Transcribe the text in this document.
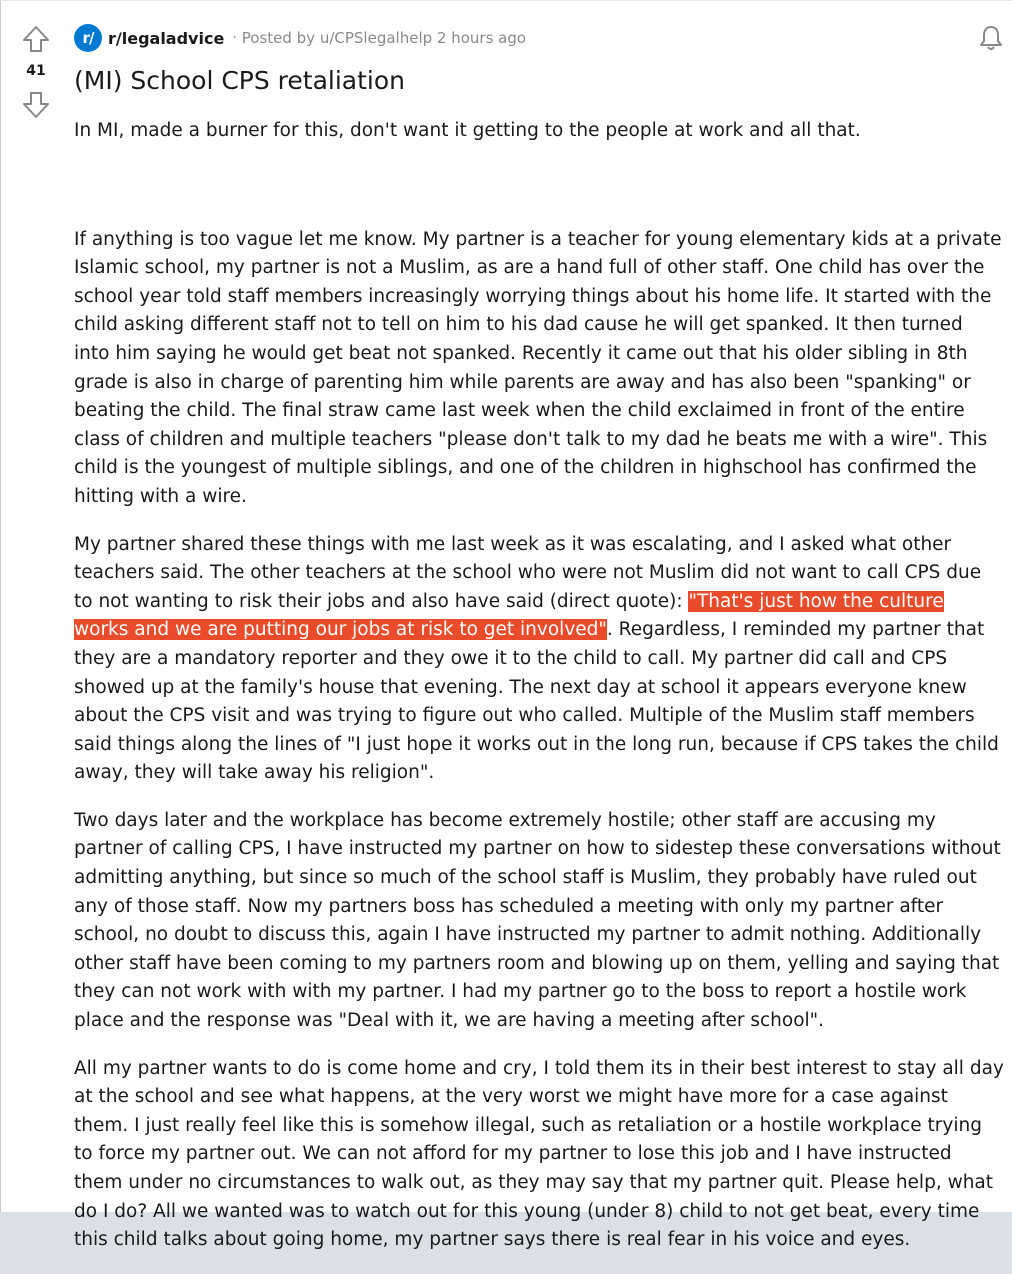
41
r/ r/legaladvice · Posted by u/CPSlegalhelp 2 hours ago
(MI) School CPS retaliation

In MI, made a burner for this, don't want it getting to the people at work and all that.

If anything is too vague let me know. My partner is a teacher for young elementary kids at a private Islamic school, my partner is not a Muslim, as are a hand full of other staff. One child has over the school year told staff members increasingly worrying things about his home life. It started with the child asking different staff not to tell on him to his dad cause he will get spanked. It then turned into him saying he would get beat not spanked. Recently it came out that his older sibling in 8th grade is also in charge of parenting him while parents are away and has also been "spanking" or beating the child. The final straw came last week when the child exclaimed in front of the entire class of children and multiple teachers "please don't talk to my dad he beats me with a wire". This child is the youngest of multiple siblings, and one of the children in highschool has confirmed the hitting with a wire.

My partner shared these things with me last week as it was escalating, and I asked what other teachers said. The other teachers at the school who were not Muslim did not want to call CPS due to not wanting to risk their jobs and also have said (direct quote): "That's just how the culture works and we are putting our jobs at risk to get involved". Regardless, I reminded my partner that they are a mandatory reporter and they owe it to the child to call. My partner did call and CPS showed up at the family's house that evening. The next day at school it appears everyone knew about the CPS visit and was trying to figure out who called. Multiple of the Muslim staff members said things along the lines of "I just hope it works out in the long run, because if CPS takes the child away, they will take away his religion".

Two days later and the workplace has become extremely hostile; other staff are accusing my partner of calling CPS, I have instructed my partner on how to sidestep these conversations without admitting anything, but since so much of the school staff is Muslim, they probably have ruled out any of those staff. Now my partners boss has scheduled a meeting with only my partner after school, no doubt to discuss this, again I have instructed my partner to admit nothing. Additionally other staff have been coming to my partners room and blowing up on them, yelling and saying that they can not work with with my partner. I had my partner go to the boss to report a hostile work place and the response was "Deal with it, we are having a meeting after school".

All my partner wants to do is come home and cry, I told them its in their best interest to stay all day at the school and see what happens, at the very worst we might have more for a case against them. I just really feel like this is somehow illegal, such as retaliation or a hostile workplace trying to force my partner out. We can not afford for my partner to lose this job and I have instructed them under no circumstances to walk out, as they may say that my partner quit. Please help, what do I do? All we wanted was to watch out for this young (under 8) child to not get beat, every time this child talks about going home, my partner says there is real fear in his voice and eyes.
